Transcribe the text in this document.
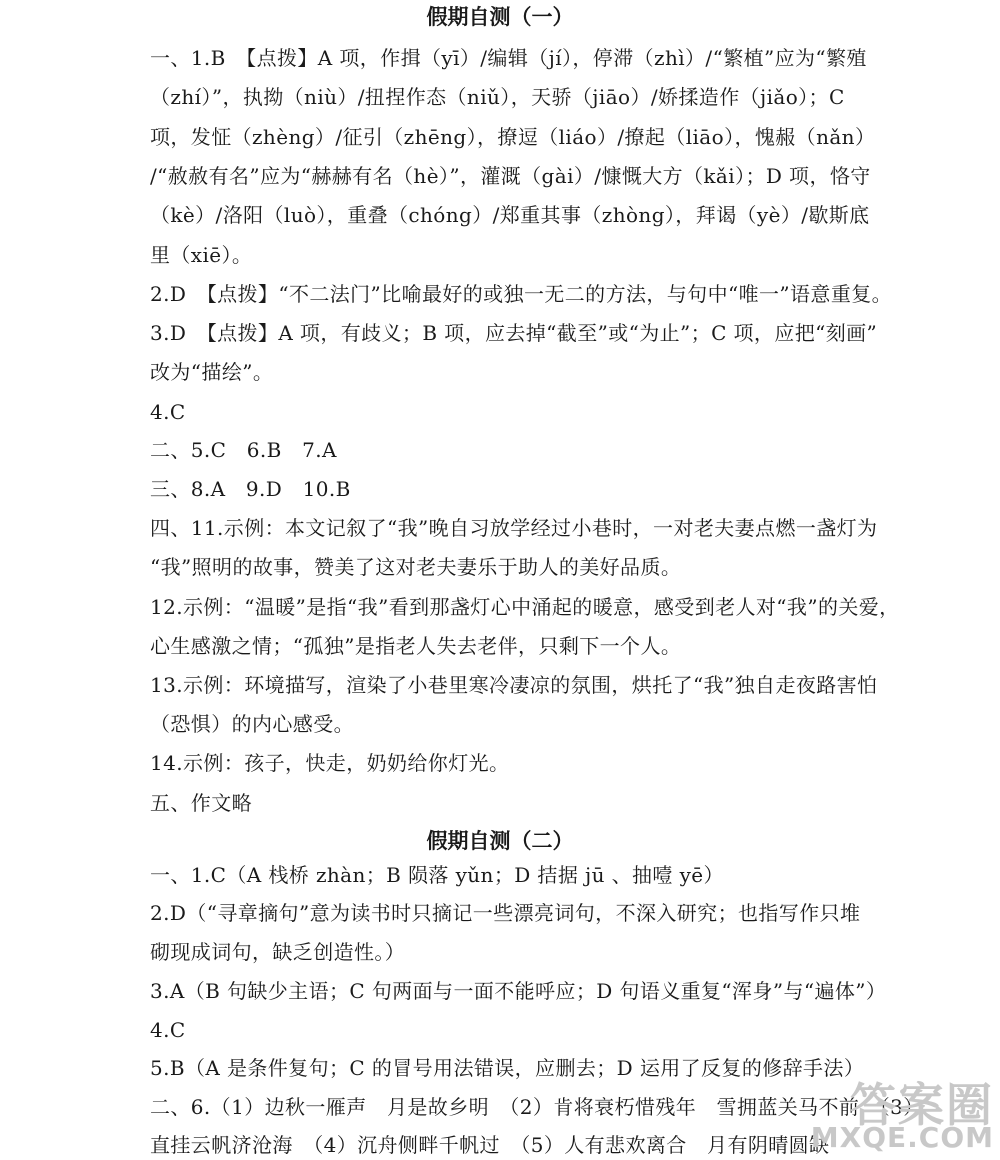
假期自测（一）
一、1.B　【点拨】A 项，作揖（yī）/编辑（jí），停滞（zhì）/“繁植”应为“繁殖
（zhí）”，执拗（niù）/扭捏作态（niǔ），天骄（jiāo）/娇揉造作（jiǎo）；C
项，发怔（zhèng）/征引（zhēng），撩逗（liáo）/撩起（liāo），愧赧（nǎn）
/“赦赦有名”应为“赫赫有名（hè）”，灌溉（gài）/慷慨大方（kǎi）；D 项，恪守
（kè）/洛阳（luò），重叠（chóng）/郑重其事（zhòng），拜谒（yè）/歇斯底
里（xiē）。
2.D　【点拨】“不二法门”比喻最好的或独一无二的方法，与句中“唯一”语意重复。
3.D　【点拨】A 项，有歧义；B 项，应去掉“截至”或“为止”；C 项，应把“刻画”
改为“描绘”。
4.C
二、5.C　6.B　7.A
三、8.A　9.D　10.B
四、11.示例：本文记叙了“我”晚自习放学经过小巷时，一对老夫妻点燃一盏灯为
“我”照明的故事，赞美了这对老夫妻乐于助人的美好品质。
12.示例：“温暖”是指“我”看到那盏灯心中涌起的暖意，感受到老人对“我”的关爱，
心生感激之情；“孤独”是指老人失去老伴，只剩下一个人。
13.示例：环境描写，渲染了小巷里寒冷凄凉的氛围，烘托了“我”独自走夜路害怕
（恐惧）的内心感受。
14.示例：孩子，快走，奶奶给你灯光。
五、作文略
假期自测（二）
一、1.C（A 栈桥 zhàn；B 陨落 yǔn；D 拮据 jū 、抽噎 yē）
2.D（“寻章摘句”意为读书时只摘记一些漂亮词句，不深入研究；也指写作只堆
砌现成词句，缺乏创造性。）
3.A（B 句缺少主语；C 句两面与一面不能呼应；D 句语义重复“浑身”与“遍体”）
4.C
5.B（A 是条件复句；C 的冒号用法错误，应删去；D 运用了反复的修辞手法）
二、6.（1）边秋一雁声　月是故乡明　（2）肯将衰朽惜残年　雪拥蓝关马不前　（3）
直挂云帆济沧海　（4）沉舟侧畔千帆过　（5）人有悲欢离合　月有阴晴圆缺
答案圈
MXQE.COM
